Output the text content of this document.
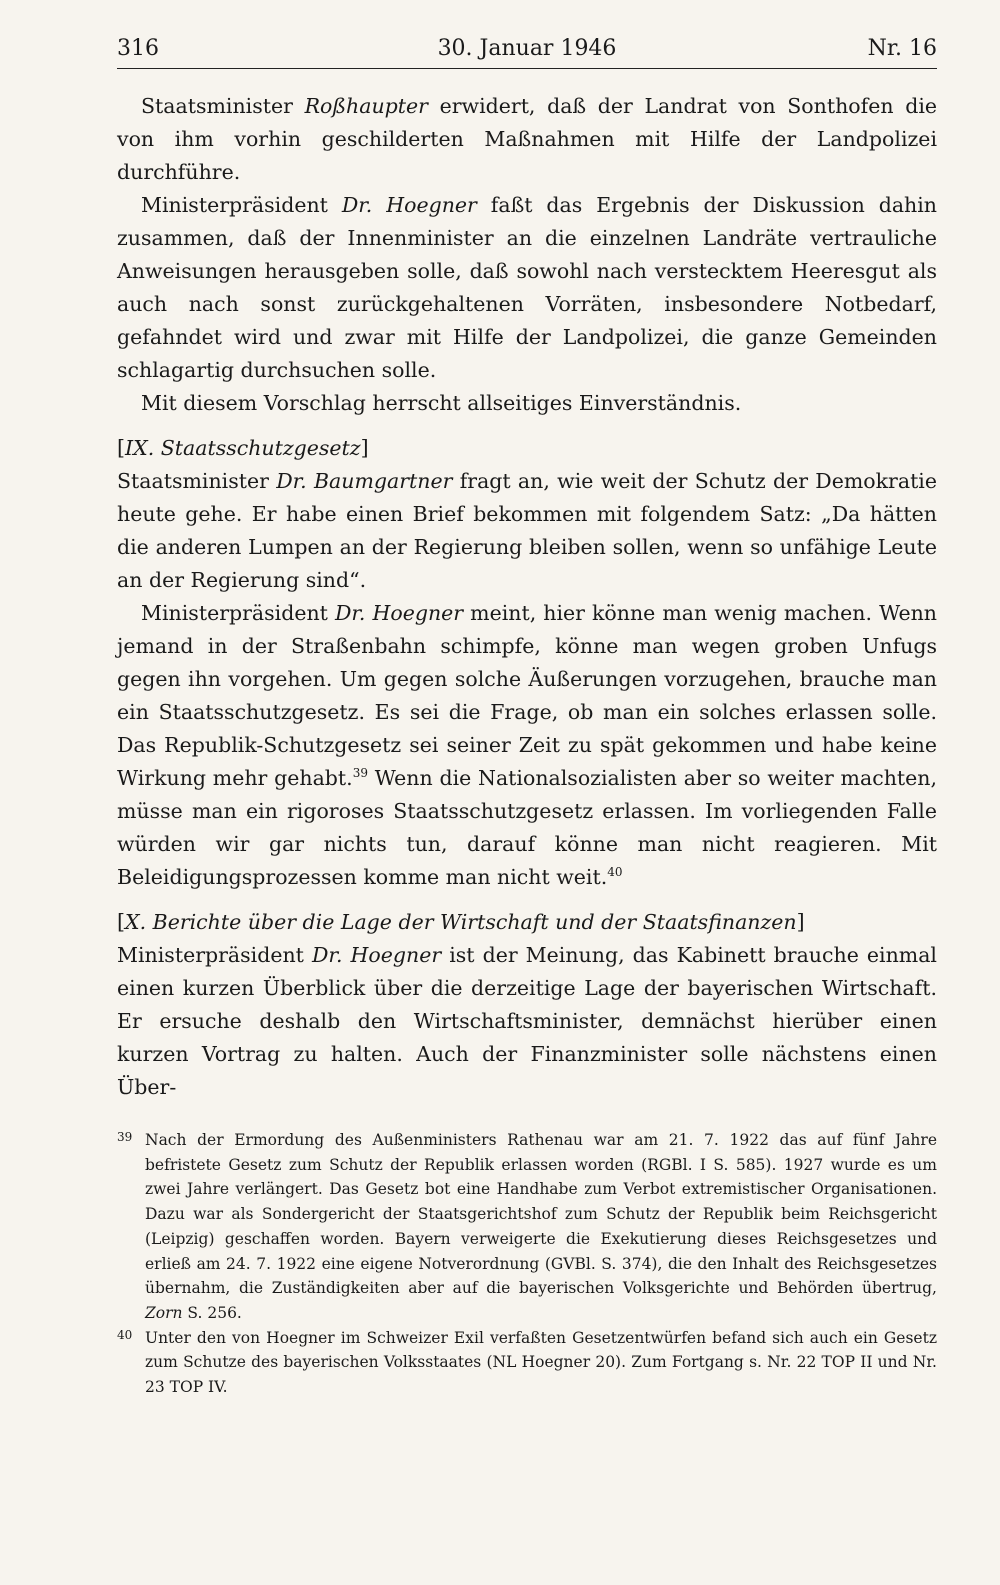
316	30. Januar 1946	Nr. 16

Staatsminister Roßhaupter erwidert, daß der Landrat von Sonthofen die von ihm vorhin geschilderten Maßnahmen mit Hilfe der Landpolizei durchführe.

Ministerpräsident Dr. Hoegner faßt das Ergebnis der Diskussion dahin zusammen, daß der Innenminister an die einzelnen Landräte vertrauliche Anweisungen herausgeben solle, daß sowohl nach verstecktem Heeresgut als auch nach sonst zurückgehaltenen Vorräten, insbesondere Notbedarf, gefahndet wird und zwar mit Hilfe der Landpolizei, die ganze Gemeinden schlagartig durchsuchen solle.

Mit diesem Vorschlag herrscht allseitiges Einverständnis.

[IX. Staatsschutzgesetz]

Staatsminister Dr. Baumgartner fragt an, wie weit der Schutz der Demokratie heute gehe. Er habe einen Brief bekommen mit folgendem Satz: „Da hätten die anderen Lumpen an der Regierung bleiben sollen, wenn so unfähige Leute an der Regierung sind“.

Ministerpräsident Dr. Hoegner meint, hier könne man wenig machen. Wenn jemand in der Straßenbahn schimpfe, könne man wegen groben Unfugs gegen ihn vorgehen. Um gegen solche Äußerungen vorzugehen, brauche man ein Staatsschutzgesetz. Es sei die Frage, ob man ein solches erlassen solle. Das Republik-Schutzgesetz sei seiner Zeit zu spät gekommen und habe keine Wirkung mehr gehabt.$^{39}$ Wenn die Nationalsozialisten aber so weiter machten, müsse man ein rigoroses Staatsschutzgesetz erlassen. Im vorliegenden Falle würden wir gar nichts tun, darauf könne man nicht reagieren. Mit Beleidigungsprozessen komme man nicht weit.$^{40}$

[X. Berichte über die Lage der Wirtschaft und der Staatsfinanzen]

Ministerpräsident Dr. Hoegner ist der Meinung, das Kabinett brauche einmal einen kurzen Überblick über die derzeitige Lage der bayerischen Wirtschaft. Er ersuche deshalb den Wirtschaftsminister, demnächst hierüber einen kurzen Vortrag zu halten. Auch der Finanzminister solle nächstens einen Über-

39 Nach der Ermordung des Außenministers Rathenau war am 21. 7. 1922 das auf fünf Jahre befristete Gesetz zum Schutz der Republik erlassen worden (RGBl. I S. 585). 1927 wurde es um zwei Jahre verlängert. Das Gesetz bot eine Handhabe zum Verbot extremistischer Organisationen. Dazu war als Sondergericht der Staatsgerichtshof zum Schutz der Republik beim Reichsgericht (Leipzig) geschaffen worden. Bayern verweigerte die Exekutierung dieses Reichsgesetzes und erließ am 24. 7. 1922 eine eigene Notverordnung (GVBl. S. 374), die den Inhalt des Reichsgesetzes übernahm, die Zuständigkeiten aber auf die bayerischen Volksgerichte und Behörden übertrug, Zorn S. 256.

40 Unter den von Hoegner im Schweizer Exil verfaßten Gesetzentwürfen befand sich auch ein Gesetz zum Schutze des bayerischen Volksstaates (NL Hoegner 20). Zum Fortgang s. Nr. 22 TOP II und Nr. 23 TOP IV.
